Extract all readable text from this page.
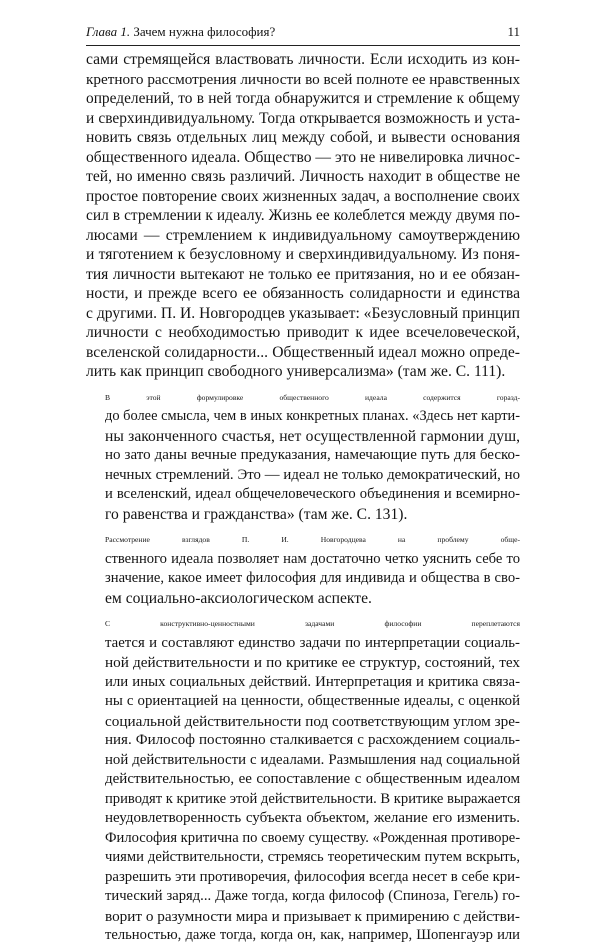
Глава 1. Зачем нужна философия?	11

сами стремящейся властвовать личности. Если исходить из кон-
кретного рассмотрения личности во всей полноте ее нравственных
определений, то в ней тогда обнаружится и стремление к общему
и сверхиндивидуальному. Тогда открывается возможность и уста-
новить связь отдельных лиц между собой, и вывести основания
общественного идеала. Общество — это не нивелировка личнос-
тей, но именно связь различий. Личность находит в обществе не
простое повторение своих жизненных задач, а восполнение своих
сил в стремлении к идеалу. Жизнь ее колеблется между двумя по-
люсами — стремлением к индивидуальному самоутверждению
и тяготением к безусловному и сверхиндивидуальному. Из поня-
тия личности вытекают не только ее притязания, но и ее обязан-
ности, и прежде всего ее обязанность солидарности и единства
с другими. П. И. Новгородцев указывает: «Безусловный принцип
личности с необходимостью приводит к идее всечеловеческой,
вселенской солидарности... Общественный идеал можно опреде-
лить как принцип свободного универсализма» (там же. С. 111).

В этой формулировке общественного идеала содержится горазд-
до более смысла, чем в иных конкретных планах. «Здесь нет карти-
ны законченного счастья, нет осуществленной гармонии душ,
но зато даны вечные предуказания, намечающие путь для беско-
нечных стремлений. Это — идеал не только демократический, но
и вселенский, идеал общечеловеческого объединения и всемирно-
го равенства и гражданства» (там же. С. 131).

Рассмотрение взглядов П. И. Новгородцева на проблему обще-
ственного идеала позволяет нам достаточно четко уяснить себе то
значение, какое имеет философия для индивида и общества в сво-
ем социально-аксиологическом аспекте.

С конструктивно-ценностными задачами философии переплетаются
тается и составляют единство задачи по интерпретации социаль-
ной действительности и по критике ее структур, состояний, тех
или иных социальных действий. Интерпретация и критика связа-
ны с ориентацией на ценности, общественные идеалы, с оценкой
социальной действительности под соответствующим углом зре-
ния. Философ постоянно сталкивается с расхождением социаль-
ной действительности с идеалами. Размышления над социальной
действительностью, ее сопоставление с общественным идеалом
приводят к критике этой действительности. В критике выражается
неудовлетворенность субъекта объектом, желание его изменить.
Философия критична по своему существу. «Рожденная противоре-
чиями действительности, стремясь теоретическим путем вскрыть,
разрешить эти противоречия, философия всегда несет в себе кри-
тический заряд... Даже тогда, когда философ (Спиноза, Гегель) го-
ворит о разумности мира и призывает к примирению с действи-
тельностью, даже тогда, когда он, как, например, Шопенгауэр или
